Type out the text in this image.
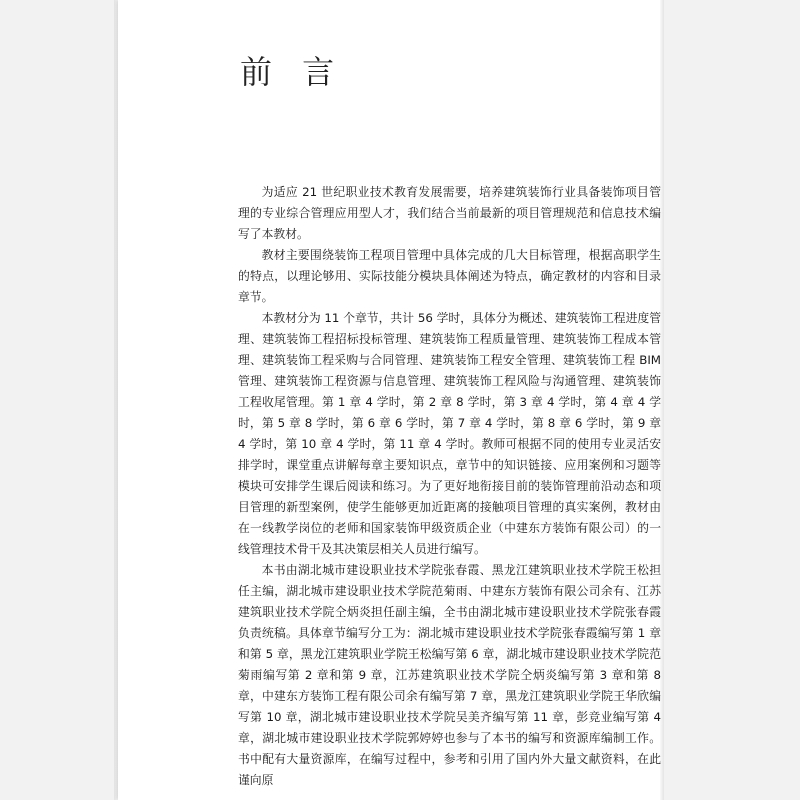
前 言

为适应 21 世纪职业技术教育发展需要，培养建筑装饰行业具备装饰项目管理的专业综合管理应用型人才，我们结合当前最新的项目管理规范和信息技术编写了本教材。

教材主要围绕装饰工程项目管理中具体完成的几大目标管理，根据高职学生的特点，以理论够用、实际技能分模块具体阐述为特点，确定教材的内容和目录章节。

本教材分为 11 个章节，共计 56 学时，具体分为概述、建筑装饰工程进度管理、建筑装饰工程招标投标管理、建筑装饰工程质量管理、建筑装饰工程成本管理、建筑装饰工程采购与合同管理、建筑装饰工程安全管理、建筑装饰工程 BIM 管理、建筑装饰工程资源与信息管理、建筑装饰工程风险与沟通管理、建筑装饰工程收尾管理。第 1 章 4 学时，第 2 章 8 学时，第 3 章 4 学时，第 4 章 4 学时，第 5 章 8 学时，第 6 章 6 学时，第 7 章 4 学时，第 8 章 6 学时，第 9 章 4 学时，第 10 章 4 学时，第 11 章 4 学时。教师可根据不同的使用专业灵活安排学时，课堂重点讲解每章主要知识点，章节中的知识链接、应用案例和习题等模块可安排学生课后阅读和练习。为了更好地衔接目前的装饰管理前沿动态和项目管理的新型案例，使学生能够更加近距离的接触项目管理的真实案例，教材由在一线教学岗位的老师和国家装饰甲级资质企业（中建东方装饰有限公司）的一线管理技术骨干及其决策层相关人员进行编写。

本书由湖北城市建设职业技术学院张春霞、黑龙江建筑职业技术学院王松担任主编，湖北城市建设职业技术学院范菊雨、中建东方装饰有限公司余有、江苏建筑职业技术学院仝炳炎担任副主编，全书由湖北城市建设职业技术学院张春霞负责统稿。具体章节编写分工为：湖北城市建设职业技术学院张春霞编写第 1 章和第 5 章，黑龙江建筑职业学院王松编写第 6 章，湖北城市建设职业技术学院范菊雨编写第 2 章和第 9 章，江苏建筑职业技术学院仝炳炎编写第 3 章和第 8 章，中建东方装饰工程有限公司余有编写第 7 章，黑龙江建筑职业学院王华欣编写第 10 章，湖北城市建设职业技术学院吴美齐编写第 11 章，彭竞业编写第 4 章，湖北城市建设职业技术学院郭婷婷也参与了本书的编写和资源库编制工作。书中配有大量资源库，在编写过程中，参考和引用了国内外大量文献资料，在此谨向原
